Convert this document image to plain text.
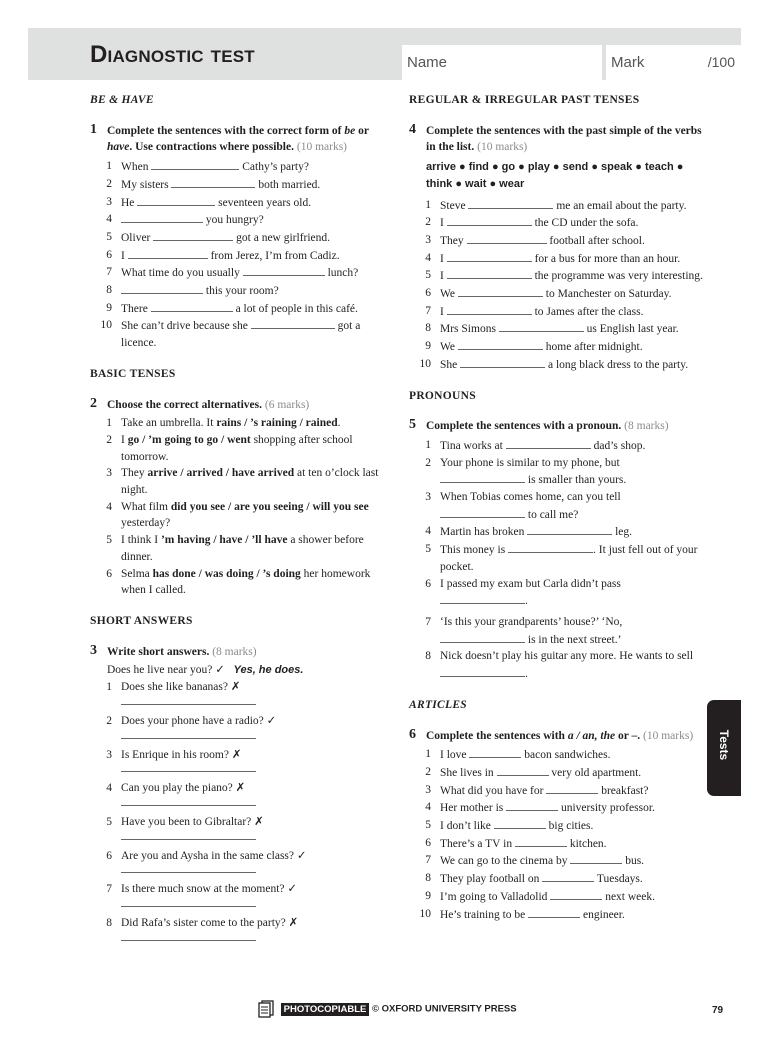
Diagnostic test	Name	Mark	/100
BE & HAVE
1 Complete the sentences with the correct form of be or have. Use contractions where possible. (10 marks)
1 When	Cathy’s party?
2 My sisters	both married.
3 He	seventeen years old.
4	you hungry?
5 Oliver	got a new girlfriend.
6 I	from Jerez, I’m from Cadiz.
7 What time do you usually	lunch?
8	this your room?
9 There	a lot of people in this café.
10 She can’t drive because she	got a licence.
BASIC TENSES
2 Choose the correct alternatives. (6 marks)
1 Take an umbrella. It rains / ’s raining / rained.
2 I go / ’m going to go / went shopping after school tomorrow.
3 They arrive / arrived / have arrived at ten o’clock last night.
4 What film did you see / are you seeing / will you see yesterday?
5 I think I ’m having / have / ’ll have a shower before dinner.
6 Selma has done / was doing / ’s doing her homework when I called.
SHORT ANSWERS
3 Write short answers. (8 marks)
Does he live near you? ✓ Yes, he does.
1 Does she like bananas? ✗
2 Does your phone have a radio? ✓
3 Is Enrique in his room? ✗
4 Can you play the piano? ✗
5 Have you been to Gibraltar? ✗
6 Are you and Aysha in the same class? ✓
7 Is there much snow at the moment? ✓
8 Did Rafa’s sister come to the party? ✗
REGULAR & IRREGULAR PAST TENSES
4 Complete the sentences with the past simple of the verbs in the list. (10 marks)
arrive ● find ● go ● play ● send ● speak ● teach ●
think ● wait ● wear
1 Steve	me an email about the party.
2 I	the CD under the sofa.
3 They	football after school.
4 I	for a bus for more than an hour.
5 I	the programme was very interesting.
6 We	to Manchester on Saturday.
7 I	to James after the class.
8 Mrs Simons	us English last year.
9 We	home after midnight.
10 She	a long black dress to the party.
PRONOUNS
5 Complete the sentences with a pronoun. (8 marks)
1 Tina works at	dad’s shop.
2 Your phone is similar to my phone, but
is smaller than yours.
3 When Tobias comes home, can you tell
to call me?
4 Martin has broken	leg.
5 This money is	. It just fell out of your pocket.
6 I passed my exam but Carla didn’t pass
.
7 ‘Is this your grandparents’ house?’ ‘No,
is in the next street.’
8 Nick doesn’t play his guitar any more. He wants to sell .
ARTICLES
6 Complete the sentences with a / an, the or –. (10 marks)
1 I love	bacon sandwiches.
2 She lives in	very old apartment.
3 What did you have for	breakfast?
4 Her mother is	university professor.
5 I don’t like	big cities.
6 There’s a TV in	kitchen.
7 We can go to the cinema by	bus.
8 They play football on	Tuesdays.
9 I’m going to Valladolid	next week.
10 He’s training to be	engineer.
Tests
PHOTOCOPIABLE © OXFORD UNIVERSITY PRESS	79
